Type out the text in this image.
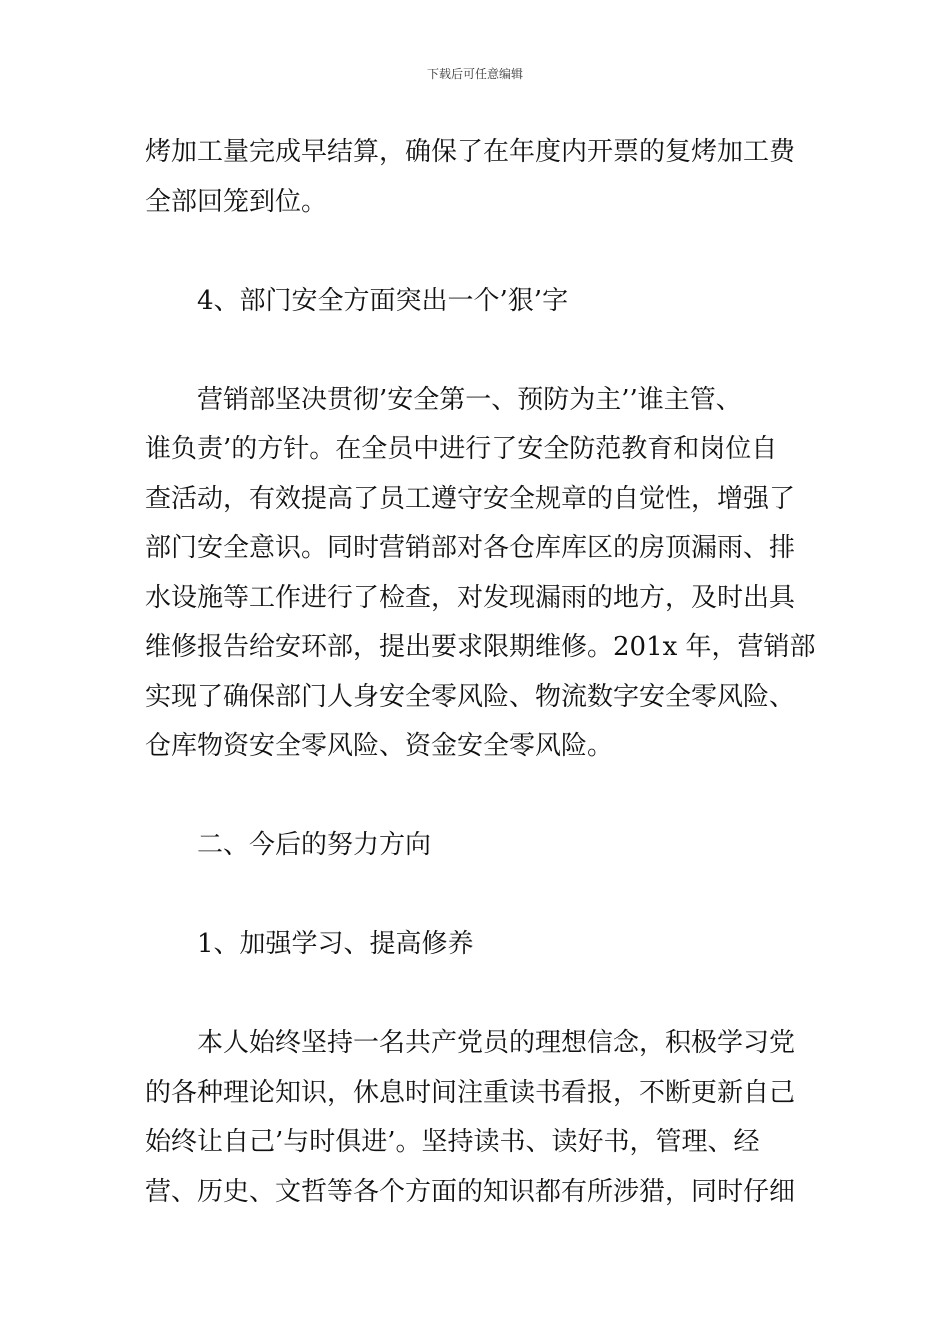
下载后可任意编辑
烤加工量完成早结算，确保了在年度内开票的复烤加工费
全部回笼到位。
4、部门安全方面突出一个’狠’字
营销部坚决贯彻’安全第一、预防为主’’谁主管、
谁负责’的方针。在全员中进行了安全防范教育和岗位自
查活动，有效提高了员工遵守安全规章的自觉性，增强了
部门安全意识。同时营销部对各仓库库区的房顶漏雨、排
水设施等工作进行了检查，对发现漏雨的地方，及时出具
维修报告给安环部，提出要求限期维修。201x 年，营销部
实现了确保部门人身安全零风险、物流数字安全零风险、
仓库物资安全零风险、资金安全零风险。
二、今后的努力方向
1、加强学习、提高修养
本人始终坚持一名共产党员的理想信念，积极学习党
的各种理论知识，休息时间注重读书看报，不断更新自己
始终让自己’与时俱进’。坚持读书、读好书，管理、经
营、历史、文哲等各个方面的知识都有所涉猎，同时仔细
